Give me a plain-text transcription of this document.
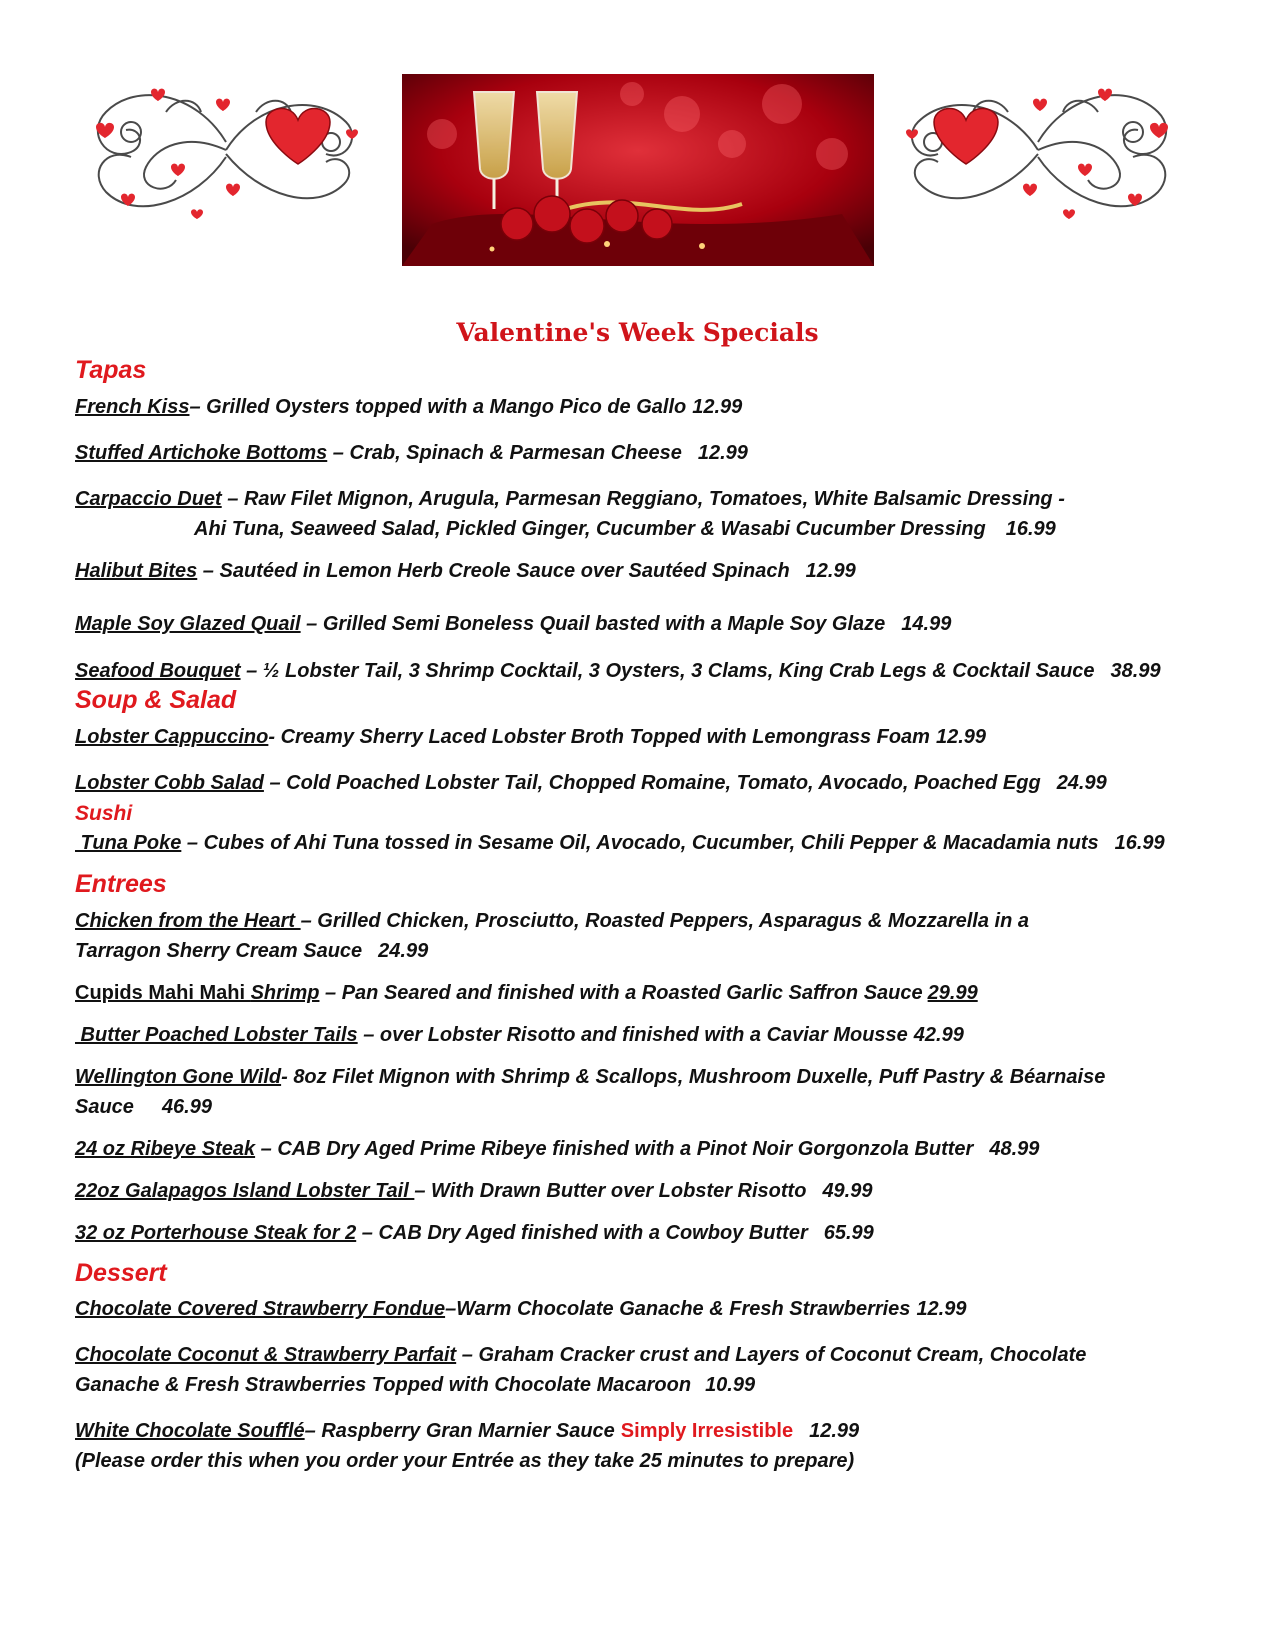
Valentine's Week Specials
Tapas
French Kiss– Grilled Oysters topped with a Mango Pico de Gallo 12.99
Stuffed Artichoke Bottoms – Crab, Spinach & Parmesan Cheese 12.99
Carpaccio Duet – Raw Filet Mignon, Arugula, Parmesan Reggiano, Tomatoes, White Balsamic Dressing -
Ahi Tuna, Seaweed Salad, Pickled Ginger, Cucumber & Wasabi Cucumber Dressing 16.99
Halibut Bites – Sautéed in Lemon Herb Creole Sauce over Sautéed Spinach 12.99
Maple Soy Glazed Quail – Grilled Semi Boneless Quail basted with a Maple Soy Glaze 14.99
Seafood Bouquet – ½ Lobster Tail, 3 Shrimp Cocktail, 3 Oysters, 3 Clams, King Crab Legs & Cocktail Sauce 38.99
Soup & Salad
Lobster Cappuccino- Creamy Sherry Laced Lobster Broth Topped with Lemongrass Foam 12.99
Lobster Cobb Salad – Cold Poached Lobster Tail, Chopped Romaine, Tomato, Avocado, Poached Egg 24.99
Sushi
Tuna Poke – Cubes of Ahi Tuna tossed in Sesame Oil, Avocado, Cucumber, Chili Pepper & Macadamia nuts 16.99
Entrees
Chicken from the Heart – Grilled Chicken, Prosciutto, Roasted Peppers, Asparagus & Mozzarella in a
Tarragon Sherry Cream Sauce 24.99
Cupids Mahi Mahi Shrimp – Pan Seared and finished with a Roasted Garlic Saffron Sauce 29.99
Butter Poached Lobster Tails – over Lobster Risotto and finished with a Caviar Mousse 42.99
Wellington Gone Wild- 8oz Filet Mignon with Shrimp & Scallops, Mushroom Duxelle, Puff Pastry & Béarnaise
Sauce 46.99
24 oz Ribeye Steak – CAB Dry Aged Prime Ribeye finished with a Pinot Noir Gorgonzola Butter 48.99
22oz Galapagos Island Lobster Tail – With Drawn Butter over Lobster Risotto 49.99
32 oz Porterhouse Steak for 2 – CAB Dry Aged finished with a Cowboy Butter 65.99
Dessert
Chocolate Covered Strawberry Fondue–Warm Chocolate Ganache & Fresh Strawberries 12.99
Chocolate Coconut & Strawberry Parfait – Graham Cracker crust and Layers of Coconut Cream, Chocolate
Ganache & Fresh Strawberries Topped with Chocolate Macaroon 10.99
White Chocolate Soufflé– Raspberry Gran Marnier Sauce Simply Irresistible 12.99
(Please order this when you order your Entrée as they take 25 minutes to prepare)
